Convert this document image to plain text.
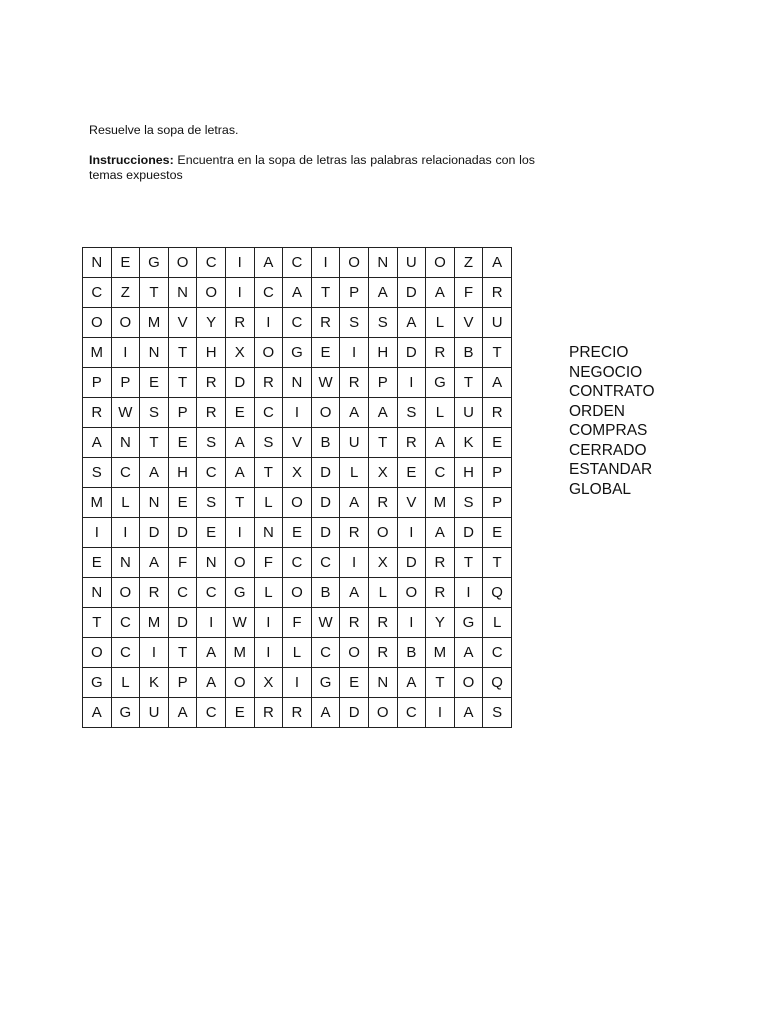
Resuelve la sopa de letras.

Instrucciones: Encuentra en la sopa de letras las palabras relacionadas con los temas expuestos

N	E	G	O	C	I	A	C	I	O	N	U	O	Z	A
C	Z	T	N	O	I	C	A	T	P	A	D	A	F	R
O	O	M	V	Y	R	I	C	R	S	S	A	L	V	U
M	I	N	T	H	X	O	G	E	I	H	D	R	B	T
P	P	E	T	R	D	R	N	W	R	P	I	G	T	A
R	W	S	P	R	E	C	I	O	A	A	S	L	U	R
A	N	T	E	S	A	S	V	B	U	T	R	A	K	E
S	C	A	H	C	A	T	X	D	L	X	E	C	H	P
M	L	N	E	S	T	L	O	D	A	R	V	M	S	P
I	I	D	D	E	I	N	E	D	R	O	I	A	D	E
E	N	A	F	N	O	F	C	C	I	X	D	R	T	T
N	O	R	C	C	G	L	O	B	A	L	O	R	I	Q
T	C	M	D	I	W	I	F	W	R	R	I	Y	G	L
O	C	I	T	A	M	I	L	C	O	R	B	M	A	C
G	L	K	P	A	O	X	I	G	E	N	A	T	O	Q
A	G	U	A	C	E	R	R	A	D	O	C	I	A	S
PRECIO
NEGOCIO
CONTRATO
ORDEN
COMPRAS
CERRADO
ESTANDAR
GLOBAL
